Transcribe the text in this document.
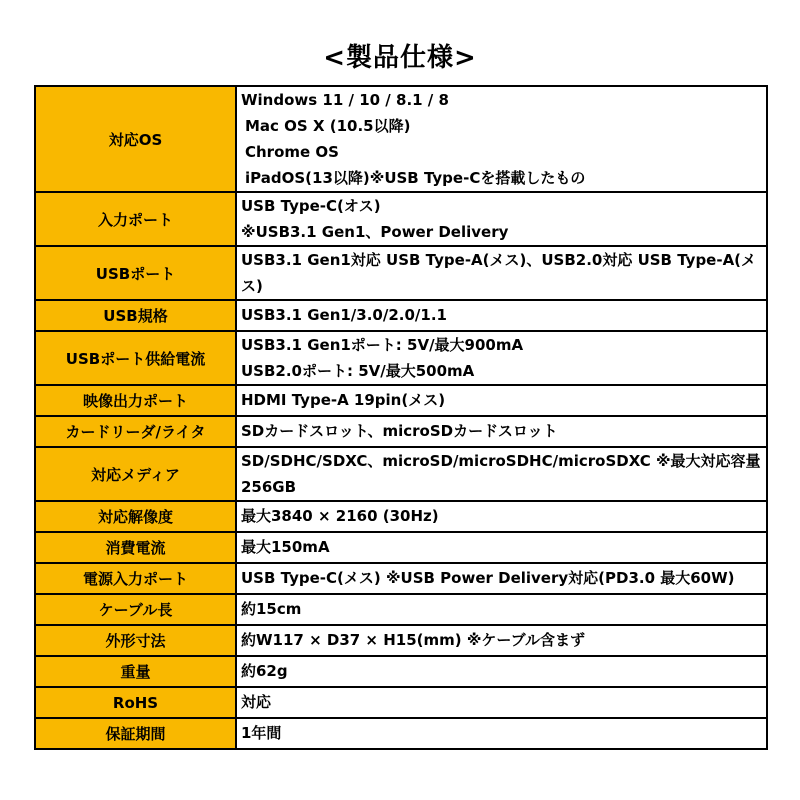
<製品仕様>
対応OS	Windows 11 / 10 / 8.1 / 8
Mac OS X (10.5以降)
Chrome OS
iPadOS(13以降)※USB Type-Cを搭載したもの

入力ポート	USB Type-C(オス)
※USB3.1 Gen1、Power Delivery

USBポート	USB3.1 Gen1対応 USB Type-A(メス)、USB2.0対応 USB Type-A(メス)

USB規格	USB3.1 Gen1/3.0/2.0/1.1

USBポート供給電流	USB3.1 Gen1ポート: 5V/最大900mA
USB2.0ポート: 5V/最大500mA

映像出力ポート	HDMI Type-A 19pin(メス)

カードリーダ/ライタ	SDカードスロット、microSDカードスロット

対応メディア	SD/SDHC/SDXC、microSD/microSDHC/microSDXC ※最大対応容量256GB

対応解像度	最大3840 × 2160 (30Hz)

消費電流	最大150mA

電源入力ポート	USB Type-C(メス) ※USB Power Delivery対応(PD3.0 最大60W)

ケーブル長	約15cm

外形寸法	約W117 × D37 × H15(mm) ※ケーブル含まず

重量	約62g

RoHS	対応

保証期間	1年間
